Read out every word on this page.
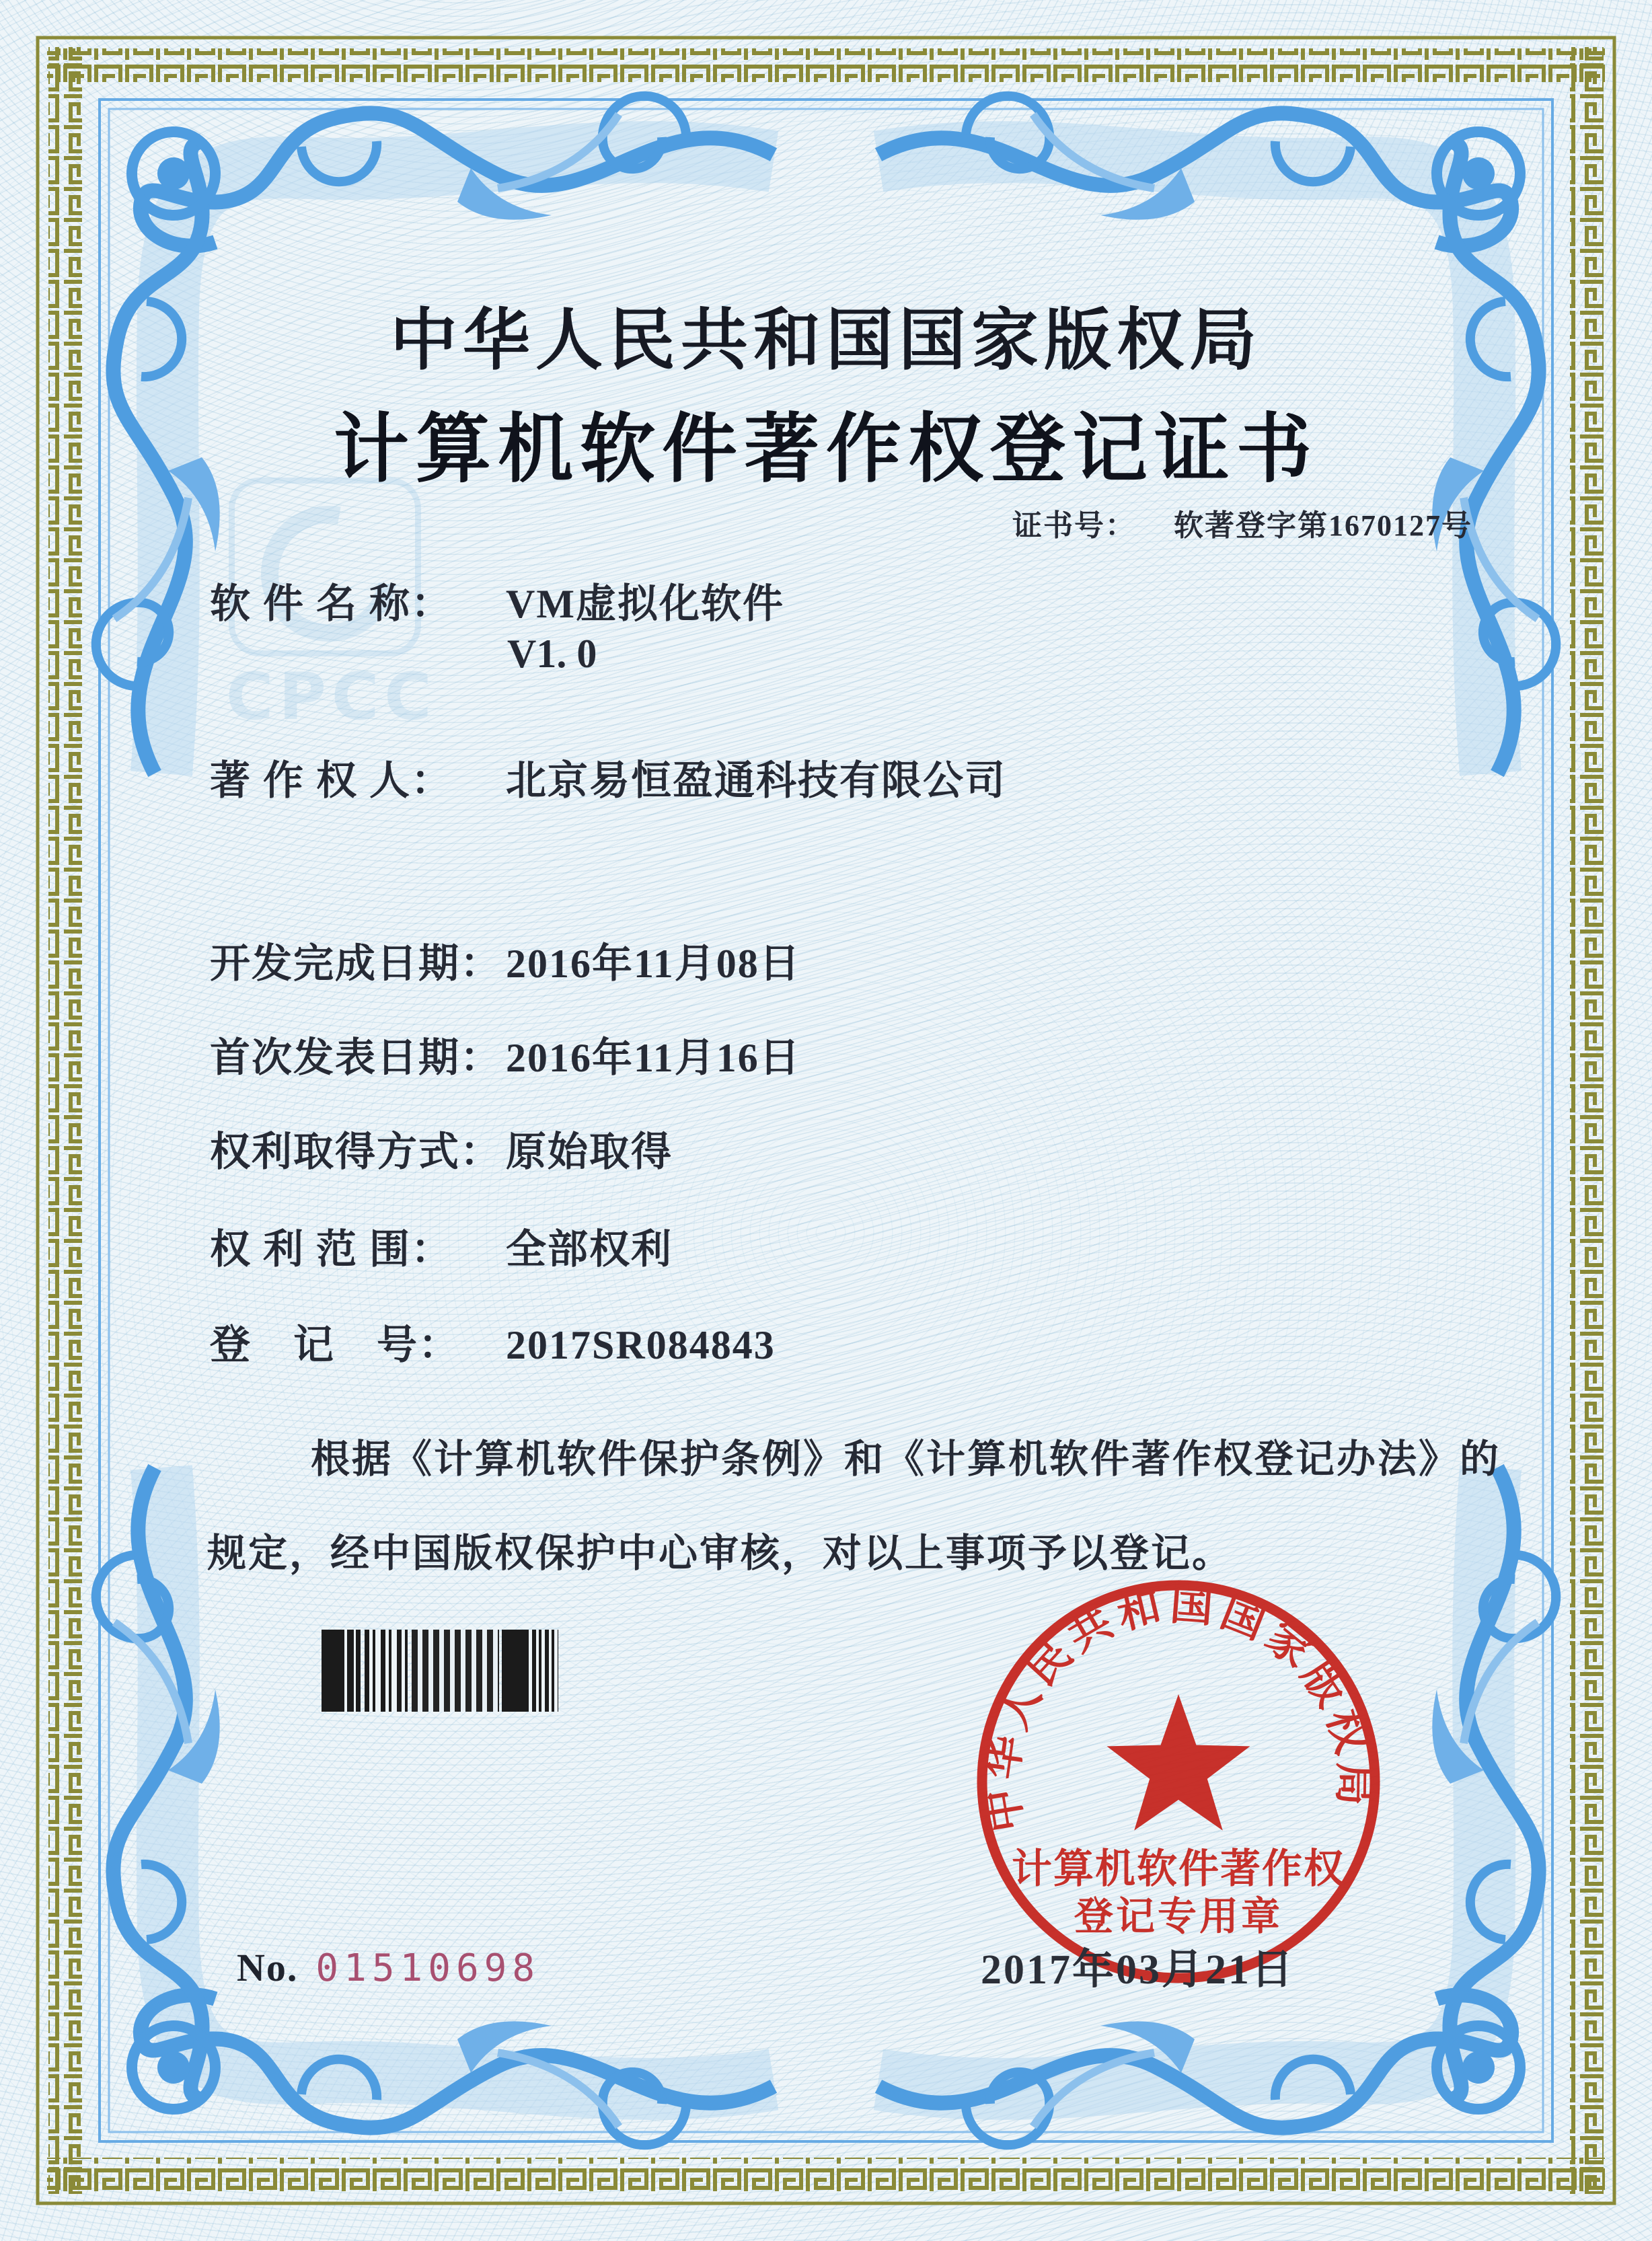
CPCC
中华人民共和国国家版权局
计算机软件著作权登记证书
证书号： 软著登字第1670127号
软 件 名 称： VM虚拟化软件
V1. 0
著 作 权 人： 北京易恒盈通科技有限公司
开发完成日期： 2016年11月08日
首次发表日期： 2016年11月16日
权利取得方式： 原始取得
权 利 范 围： 全部权利
登　记　号： 2017SR084843
根据《计算机软件保护条例》和《计算机软件著作权登记办法》的
规定，经中国版权保护中心审核，对以上事项予以登记。
中华人民共和国国家版权局
计算机软件著作权
登记专用章
2017年03月21日
No. 01510698
